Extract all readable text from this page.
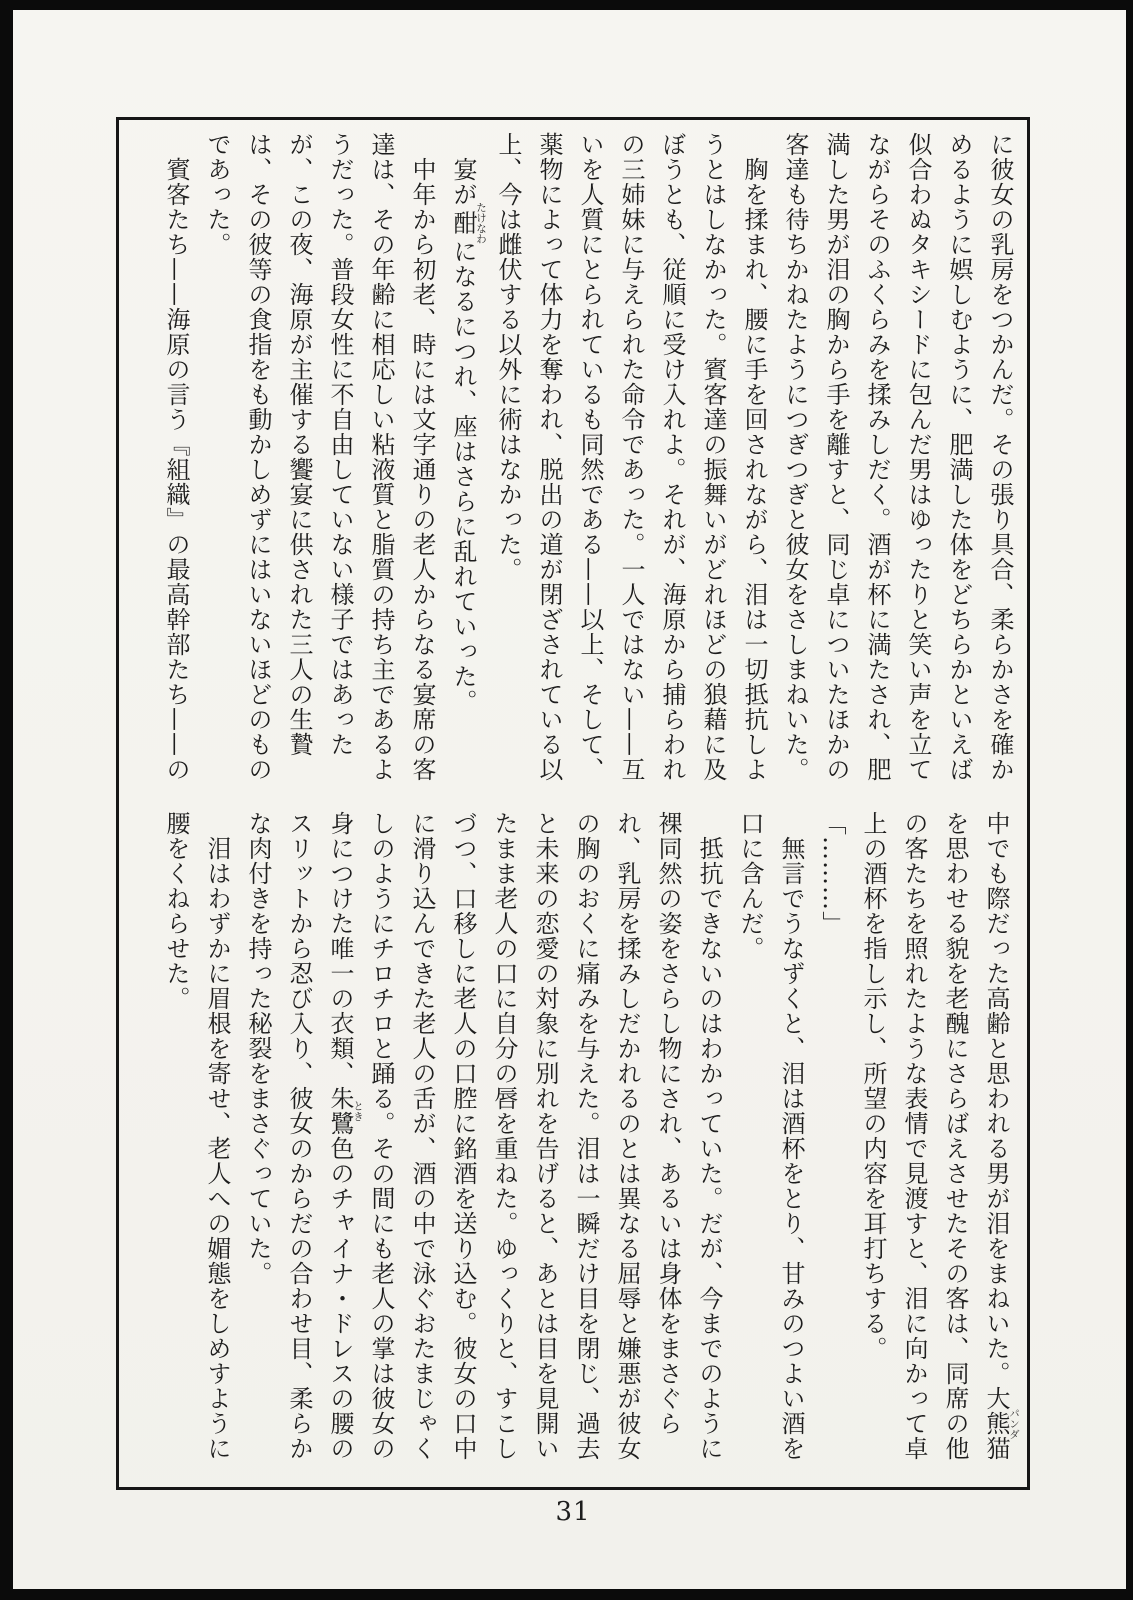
に彼女の乳房をつかんだ。その張り具合、柔らかさを確かめるように娯しむように、肥満した体をどちらかといえば似合わぬタキシードに包んだ男はゆったりと笑い声を立てながらそのふくらみを揉みしだく。酒が杯に満たされ、肥満した男が泪の胸から手を離すと、同じ卓についたほかの客達も待ちかねたようにつぎつぎと彼女をさしまねいた。

　胸を揉まれ、腰に手を回されながら、泪は一切抵抗しようとはしなかった。賓客達の振舞いがどれほどの狼藉に及ぼうとも、従順に受け入れよ。それが、海原から捕らわれの三姉妹に与えられた命令であった。一人ではない——互いを人質にとられているも同然である——以上、そして、薬物によって体力を奪われ、脱出の道が閉ざされている以上、今は雌伏する以外に術はなかった。

　宴が酣たけなわになるにつれ、座はさらに乱れていった。

　中年から初老、時には文字通りの老人からなる宴席の客達は、その年齢に相応しい粘液質と脂質の持ち主であるようだった。普段女性に不自由していない様子ではあったが、この夜、海原が主催する饗宴に供された三人の生贄は、その彼等の食指をも動かしめずにはいないほどのものであった。

　賓客たち——海原の言う『組織』の最高幹部たち——の

中でも際だった高齢と思われる男が泪をまねいた。大熊猫パンダを思わせる貌を老醜にさらばえさせたその客は、同席の他の客たちを照れたような表情で見渡すと、泪に向かって卓上の酒杯を指し示し、所望の内容を耳打ちする。

「………」

　無言でうなずくと、泪は酒杯をとり、甘みのつよい酒を口に含んだ。

　抵抗できないのはわかっていた。だが、今までのように裸同然の姿をさらし物にされ、あるいは身体をまさぐられ、乳房を揉みしだかれるのとは異なる屈辱と嫌悪が彼女の胸のおくに痛みを与えた。泪は一瞬だけ目を閉じ、過去と未来の恋愛の対象に別れを告げると、あとは目を見開いたまま老人の口に自分の唇を重ねた。ゆっくりと、すこしづつ、口移しに老人の口腔に銘酒を送り込む。彼女の口中に滑り込んできた老人の舌が、酒の中で泳ぐおたまじゃくしのようにチロチロと踊る。その間にも老人の掌は彼女の身につけた唯一の衣類、朱鷺とき色のチャイナ・ドレスの腰のスリットから忍び入り、彼女のからだの合わせ目、柔らかな肉付きを持った秘裂をまさぐっていた。

　泪はわずかに眉根を寄せ、老人への媚態をしめすように腰をくねらせた。

31
